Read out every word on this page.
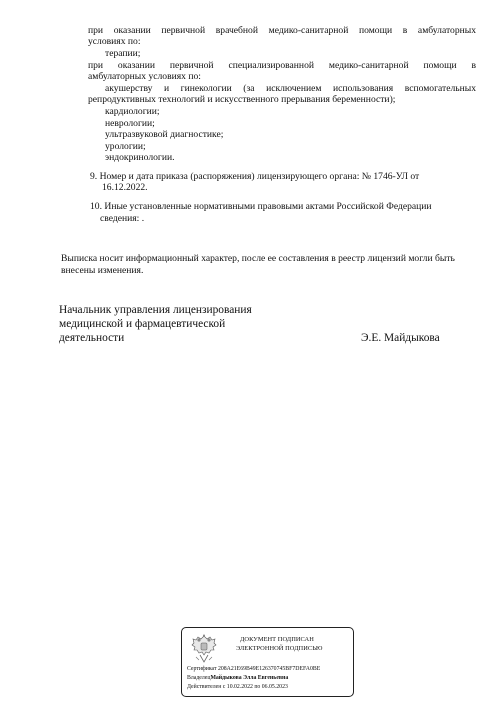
при оказании первичной врачебной медико-санитарной помощи в амбулаторных
условиях по:
терапии;
при оказании первичной специализированной медико-санитарной помощи в
амбулаторных условиях по:
акушерству и гинекологии (за исключением использования вспомогательных
репродуктивных технологий и искусственного прерывания беременности);
кардиологии;
неврологии;
ультразвуковой диагностике;
урологии;
эндокринологии.
9. Номер и дата приказа (распоряжения) лицензирующего органа: № 1746-УЛ от
16.12.2022.
10. Иные установленные нормативными правовыми актами Российской Федерации
сведения: .
Выписка носит информационный характер, после ее составления в реестр лицензий могли быть
внесены изменения.
Начальник управления лицензирования
медицинской и фармацевтической
деятельности	Э.Е. Майдыкова
ДОКУМЕНТ ПОДПИСАН
ЭЛЕКТРОННОЙ ПОДПИСЬЮ
Сертификат 208A21E69B49E126370745BF7DEFA0BE
ВладелецМайдыкова Элла Евгеньевна
Действителен с 10.02.2022 по 06.05.2023
